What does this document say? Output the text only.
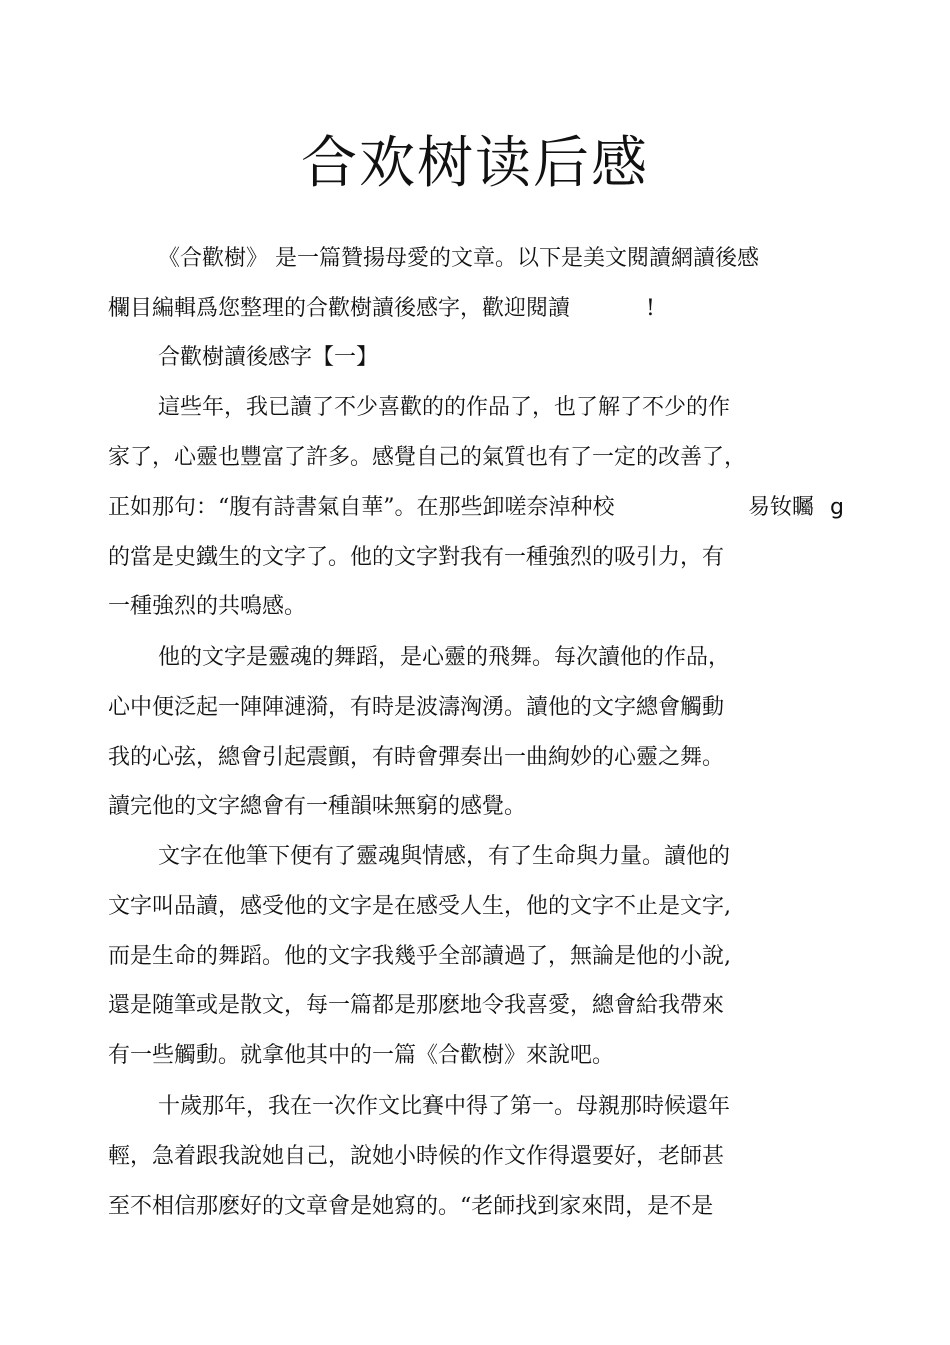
合欢树读后感

《合歡樹》 是一篇贊揚母愛的文章。以下是美文閱讀網讀後感

欄目編輯爲您整理的合歡樹讀後感字，歡迎閱讀	!

合歡樹讀後感字【一】

這些年，我已讀了不少喜歡的的作品了，也了解了不少的作

家了，心靈也豐富了許多。感覺自己的氣質也有了一定的改善了，

正如那句：“腹有詩書氣自華”。在那些卸嗟奈淖种校	易钕矚 g

的當是史鐵生的文字了。他的文字對我有一種強烈的吸引力，有

一種強烈的共鳴感。

他的文字是靈魂的舞蹈，是心靈的飛舞。每次讀他的作品，

心中便泛起一陣陣漣漪，有時是波濤洶湧。讀他的文字總會觸動

我的心弦，總會引起震顫，有時會彈奏出一曲絢妙的心靈之舞。

讀完他的文字總會有一種韻味無窮的感覺。

文字在他筆下便有了靈魂與情感，有了生命與力量。讀他的

文字叫品讀，感受他的文字是在感受人生，他的文字不止是文字,

而是生命的舞蹈。他的文字我幾乎全部讀過了，無論是他的小說,

還是随筆或是散文，每一篇都是那麽地令我喜愛，總會給我帶來

有一些觸動。就拿他其中的一篇《合歡樹》來說吧。

十歲那年，我在一次作文比賽中得了第一。母親那時候還年

輕，急着跟我說她自己，說她小時候的作文作得還要好，老師甚

至不相信那麽好的文章會是她寫的。“老師找到家來問，是不是
